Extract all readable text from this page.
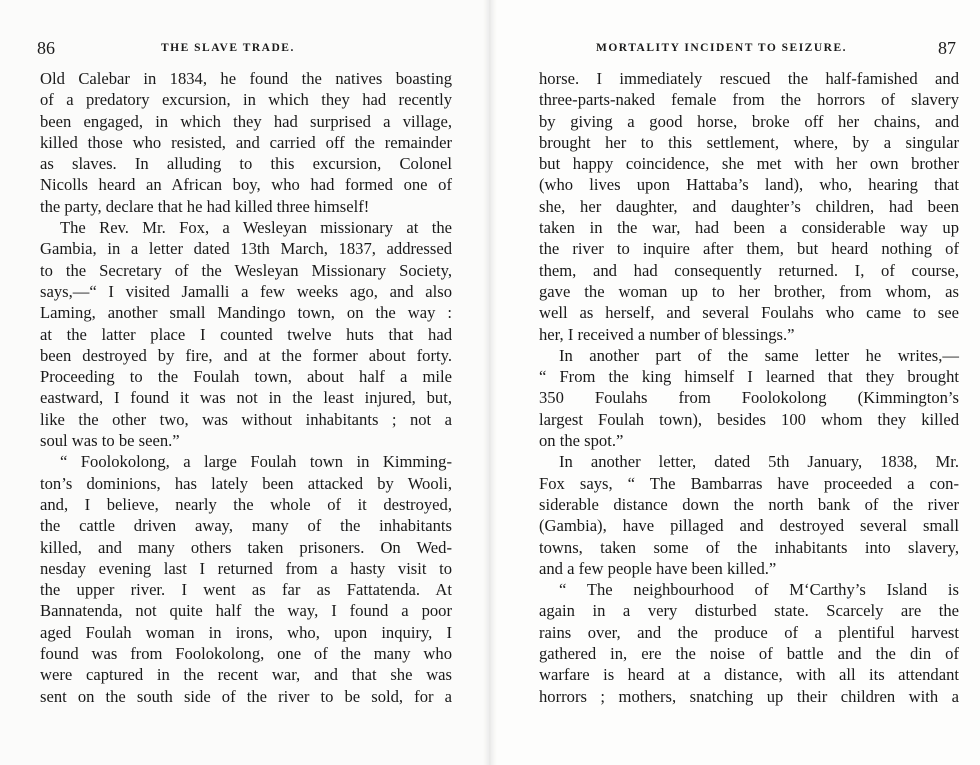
86	THE SLAVE TRADE.
Old Calebar in 1834, he found the natives boasting
of a predatory excursion, in which they had recently
been engaged, in which they had surprised a village,
killed those who resisted, and carried off the remainder
as slaves. In alluding to this excursion, Colonel
Nicolls heard an African boy, who had formed one of
the party, declare that he had killed three himself!
The Rev. Mr. Fox, a Wesleyan missionary at the
Gambia, in a letter dated 13th March, 1837, addressed
to the Secretary of the Wesleyan Missionary Society,
says,—“ I visited Jamalli a few weeks ago, and also
Laming, another small Mandingo town, on the way :
at the latter place I counted twelve huts that had
been destroyed by fire, and at the former about forty.
Proceeding to the Foulah town, about half a mile
eastward, I found it was not in the least injured, but,
like the other two, was without inhabitants ; not a
soul was to be seen.”
“ Foolokolong, a large Foulah town in Kimming-
ton’s dominions, has lately been attacked by Wooli,
and, I believe, nearly the whole of it destroyed,
the cattle driven away, many of the inhabitants
killed, and many others taken prisoners. On Wed-
nesday evening last I returned from a hasty visit to
the upper river. I went as far as Fattatenda. At
Bannatenda, not quite half the way, I found a poor
aged Foulah woman in irons, who, upon inquiry, I
found was from Foolokolong, one of the many who
were captured in the recent war, and that she was
sent on the south side of the river to be sold, for a
MORTALITY INCIDENT TO SEIZURE.	87
horse. I immediately rescued the half-famished and
three-parts-naked female from the horrors of slavery
by giving a good horse, broke off her chains, and
brought her to this settlement, where, by a singular
but happy coincidence, she met with her own brother
(who lives upon Hattaba’s land), who, hearing that
she, her daughter, and daughter’s children, had been
taken in the war, had been a considerable way up
the river to inquire after them, but heard nothing of
them, and had consequently returned. I, of course,
gave the woman up to her brother, from whom, as
well as herself, and several Foulahs who came to see
her, I received a number of blessings.”
In another part of the same letter he writes,—
“ From the king himself I learned that they brought
350 Foulahs from Foolokolong (Kimmington’s
largest Foulah town), besides 100 whom they killed
on the spot.”
In another letter, dated 5th January, 1838, Mr.
Fox says, “ The Bambarras have proceeded a con-
siderable distance down the north bank of the river
(Gambia), have pillaged and destroyed several small
towns, taken some of the inhabitants into slavery,
and a few people have been killed.”
“ The neighbourhood of M‘Carthy’s Island is
again in a very disturbed state. Scarcely are the
rains over, and the produce of a plentiful harvest
gathered in, ere the noise of battle and the din of
warfare is heard at a distance, with all its attendant
horrors ; mothers, snatching up their children with a
